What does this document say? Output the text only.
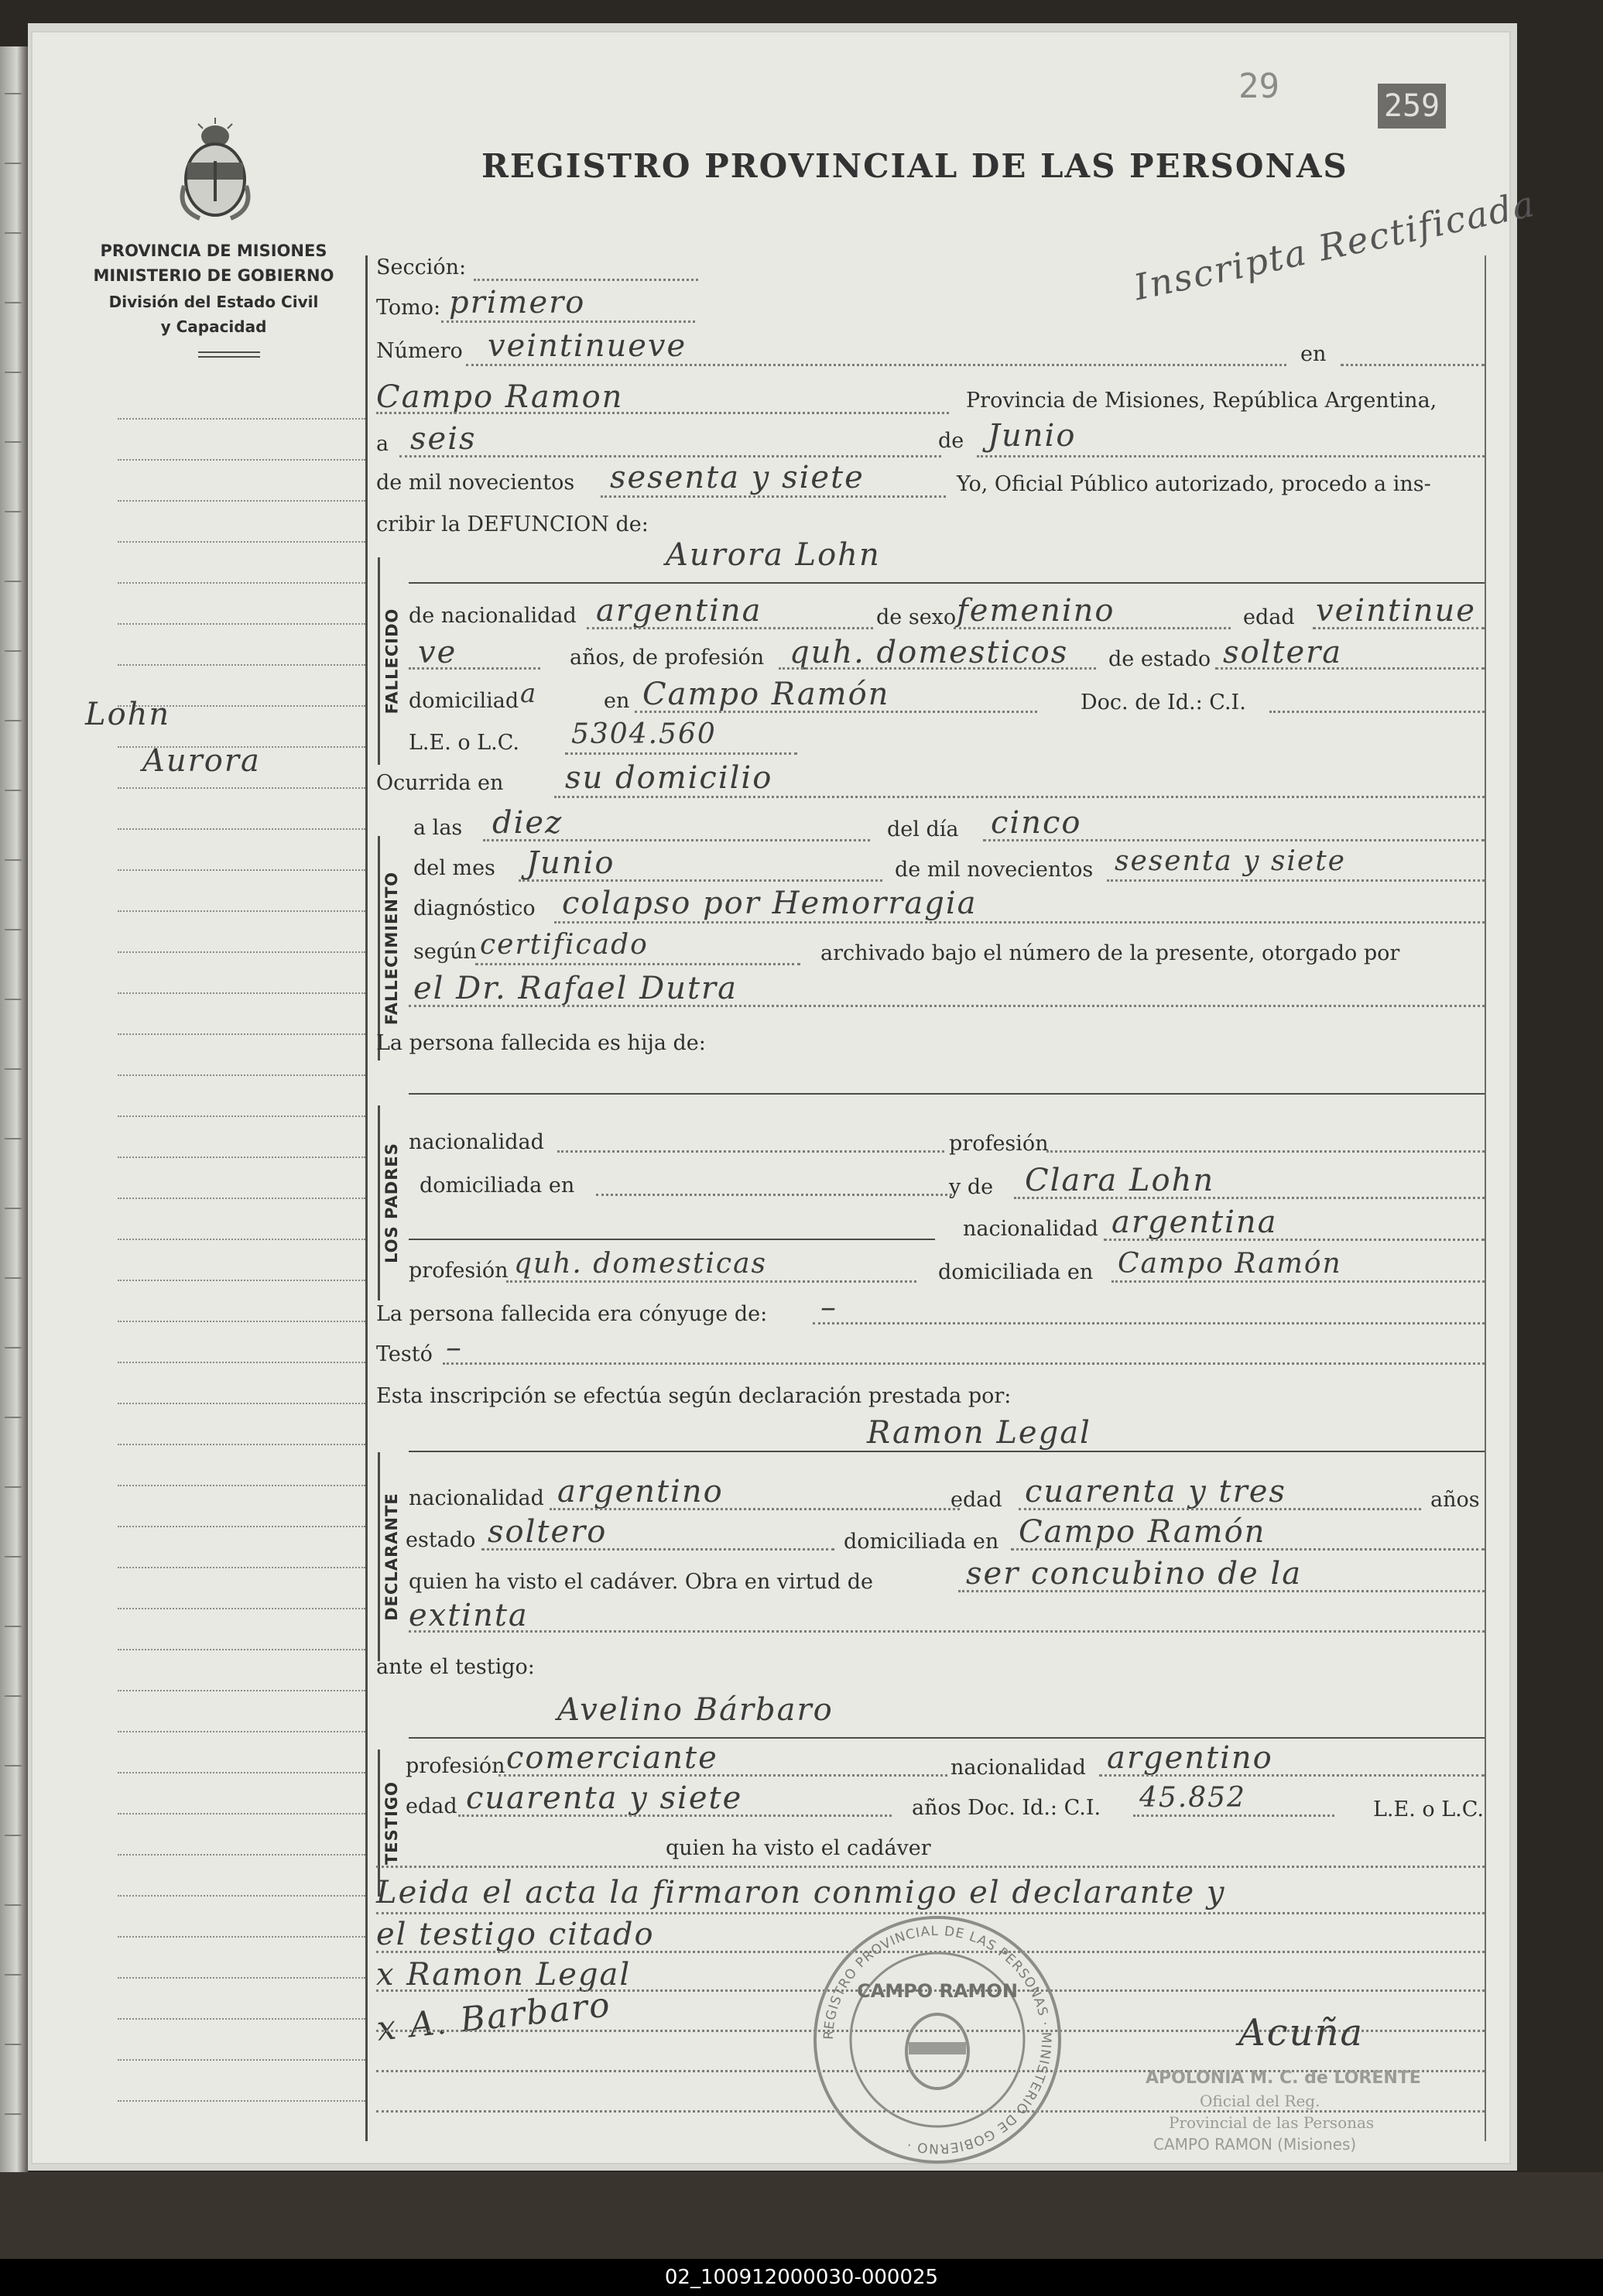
29	259
PROVINCIA DE MISIONES
MINISTERIO DE GOBIERNO
División del Estado Civil
y Capacidad
REGISTRO PROVINCIAL DE LAS PERSONAS
Inscripta Rectificada
Lohn
Aurora
Sección:
Tomo: primero
Número veintinueve	en
Campo Ramon	Provincia de Misiones, República Argentina,
a seis	de Junio
de mil novecientos sesenta y siete	Yo, Oficial Público autorizado, procedo a ins-
cribir la DEFUNCION de:
FALLECIDO
Aurora Lohn
de nacionalidad argentina	de sexo femenino	edad veintinue
ve	años, de profesión quh. domesticos de estado soltera
domiciliad a	en Campo Ramón	Doc. de Id.: C.I.
L.E. o L.C. 5304.560
Ocurrida en su domicilio
FALLECIMIENTO
a las diez	del día cinco
del mes Junio	de mil novecientos sesenta y siete
diagnóstico colapso por Hemorragia
según certificado	archivado bajo el número de la presente, otorgado por
el Dr. Rafael Dutra
La persona fallecida es hija de:
LOS PADRES
nacionalidad	profesión
domiciliada en	y de Clara Lohn
nacionalidad argentina
profesión quh. domesticas	domiciliada en Campo Ramón
La persona fallecida era cónyuge de: –
Testó –
Esta inscripción se efectúa según declaración prestada por:
DECLARANTE
Ramon Legal
nacionalidad argentino	edad cuarenta y tres	años
estado soltero	domiciliada en Campo Ramón
quien ha visto el cadáver. Obra en virtud de	ser concubino de la
extinta
ante el testigo:
TESTIGO
Avelino Bárbaro
profesión comerciante	nacionalidad argentino
edad cuarenta y siete	años Doc. Id.: C.I. 45.852	L.E. o L.C.
quien ha visto el cadáver
Leida el acta la firmaron conmigo el declarante y
el testigo citado
x Ramon Legal
x A. Barbaro	REGISTRO PROVINCIAL DE LAS PERSONAS · MINISTERIO DE GOBIERNO ·
CAMPO RAMON
Acuña
APOLONIA M. C. de LORENTE
Oficial del Reg.
Provincial de las Personas
CAMPO RAMON (Misiones)
02_100912000030-000025
